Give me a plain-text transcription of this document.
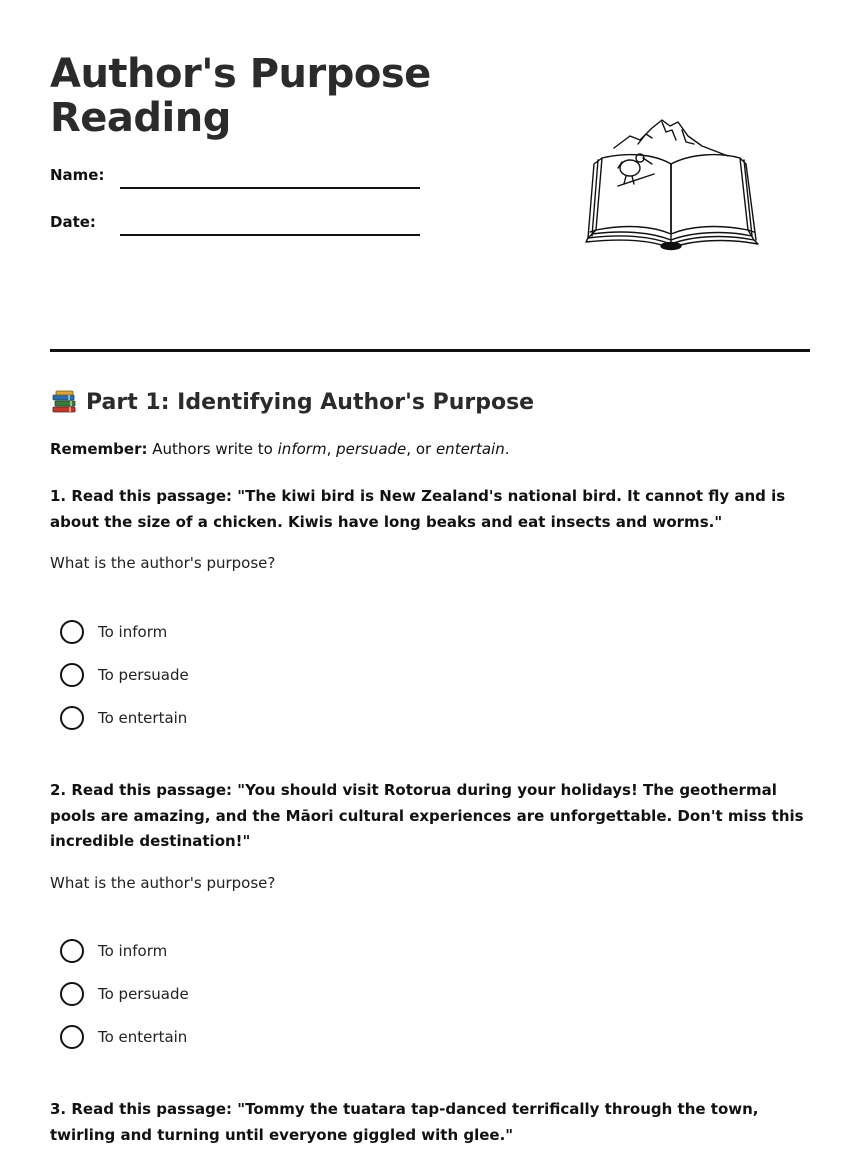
Author's Purpose
Reading
Name:
Date:
Part 1: Identifying Author's Purpose
Remember: Authors write to inform, persuade, or entertain.
1. Read this passage: "The kiwi bird is New Zealand's national bird. It cannot fly and is about the size of a chicken. Kiwis have long beaks and eat insects and worms."
What is the author's purpose?
To inform
To persuade
To entertain
2. Read this passage: "You should visit Rotorua during your holidays! The geothermal pools are amazing, and the Māori cultural experiences are unforgettable. Don't miss this incredible destination!"
What is the author's purpose?
To inform
To persuade
To entertain
3. Read this passage: "Tommy the tuatara tap-danced terrifically through the town, twirling and turning until everyone giggled with glee."
